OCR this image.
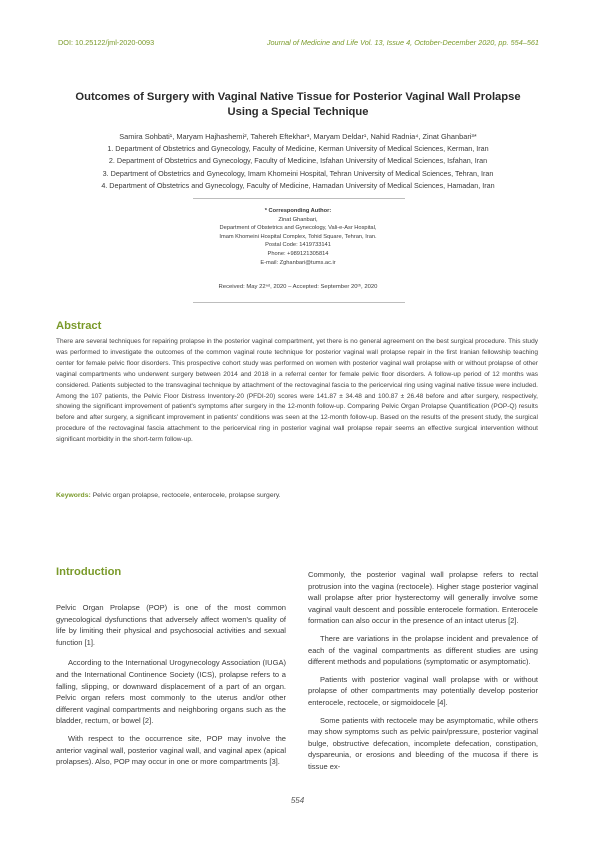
DOI: 10.25122/jml-2020-0093	Journal of Medicine and Life Vol. 13, Issue 4, October-December 2020, pp. 554–561
Outcomes of Surgery with Vaginal Native Tissue for Posterior Vaginal Wall Prolapse
Using a Special Technique
Samira Sohbati¹, Maryam Hajhashemi², Tahereh Eftekhar³, Maryam Deldar¹, Nahid Radnia⁴, Zinat Ghanbari³*
1. Department of Obstetrics and Gynecology, Faculty of Medicine, Kerman University of Medical Sciences, Kerman, Iran
2. Department of Obstetrics and Gynecology, Faculty of Medicine, Isfahan University of Medical Sciences, Isfahan, Iran
3. Department of Obstetrics and Gynecology, Imam Khomeini Hospital, Tehran University of Medical Sciences, Tehran, Iran
4. Department of Obstetrics and Gynecology, Faculty of Medicine, Hamadan University of Medical Sciences, Hamadan, Iran
* Corresponding Author:
Zinat Ghanbari,
Department of Obstetrics and Gynecology, Vali-e-Asr Hospital,
Imam Khomeini Hospital Complex, Tohid Square, Tehran, Iran.
Postal Code: 1419733141
Phone: +989121305814
E-mail: Zghanbari@tums.ac.ir
Received: May 22ⁿᵈ, 2020 – Accepted: September 20ᵗʰ, 2020
Abstract
There are several techniques for repairing prolapse in the posterior vaginal compartment, yet there is no general agreement on the best surgical procedure. This study was performed to investigate the outcomes of the common vaginal route technique for posterior vaginal wall prolapse repair in the first Iranian fellowship teaching center for female pelvic floor disorders. This prospective cohort study was performed on women with posterior vaginal wall prolapse with or without prolapse of other vaginal compartments who underwent surgery between 2014 and 2018 in a referral center for female pelvic floor disorders. A follow-up period of 12 months was considered. Patients subjected to the transvaginal technique by attachment of the rectovaginal fascia to the pericervical ring using vaginal native tissue were included. Among the 107 patients, the Pelvic Floor Distress Inventory-20 (PFDI-20) scores were 141.87 ± 34.48 and 100.87 ± 26.48 before and after surgery, respectively, showing the significant improvement of patient's symptoms after surgery in the 12-month follow-up. Comparing Pelvic Organ Prolapse Quantification (POP-Q) results before and after surgery, a significant improvement in patients' conditions was seen at the 12-month follow-up. Based on the results of the present study, the surgical procedure of the rectovaginal fascia attachment to the pericervical ring in posterior vaginal wall prolapse repair seems an effective surgical intervention without significant morbidity in the short-term follow-up.
Keywords: Pelvic organ prolapse, rectocele, enterocele, prolapse surgery.
Introduction

Pelvic Organ Prolapse (POP) is one of the most common gynecological dysfunctions that adversely affect women's quality of life by limiting their physical and psychosocial activities and sexual function [1].

According to the International Urogynecology Association (IUGA) and the International Continence Society (ICS), prolapse refers to a falling, slipping, or downward displacement of a part of an organ. Pelvic organ refers most commonly to the uterus and/or other different vaginal compartments and neighboring organs such as the bladder, rectum, or bowel [2].

With respect to the occurrence site, POP may involve the anterior vaginal wall, posterior vaginal wall, and vaginal apex (apical prolapses). Also, POP may occur in one or more compartments [3].

Commonly, the posterior vaginal wall prolapse refers to rectal protrusion into the vagina (rectocele). Higher stage posterior vaginal wall prolapse after prior hysterectomy will generally involve some vaginal vault descent and possible enterocele formation. Enterocele formation can also occur in the presence of an intact uterus [2].

There are variations in the prolapse incident and prevalence of each of the vaginal compartments as different studies are using different methods and populations (symptomatic or asymptomatic).

Patients with posterior vaginal wall prolapse with or without prolapse of other compartments may potentially develop posterior enterocele, rectocele, or sigmoidocele [4].

Some patients with rectocele may be asymptomatic, while others may show symptoms such as pelvic pain/pressure, posterior vaginal bulge, obstructive defecation, incomplete defecation, constipation, dyspareunia, or erosions and bleeding of the mucosa if there is tissue ex-

554
